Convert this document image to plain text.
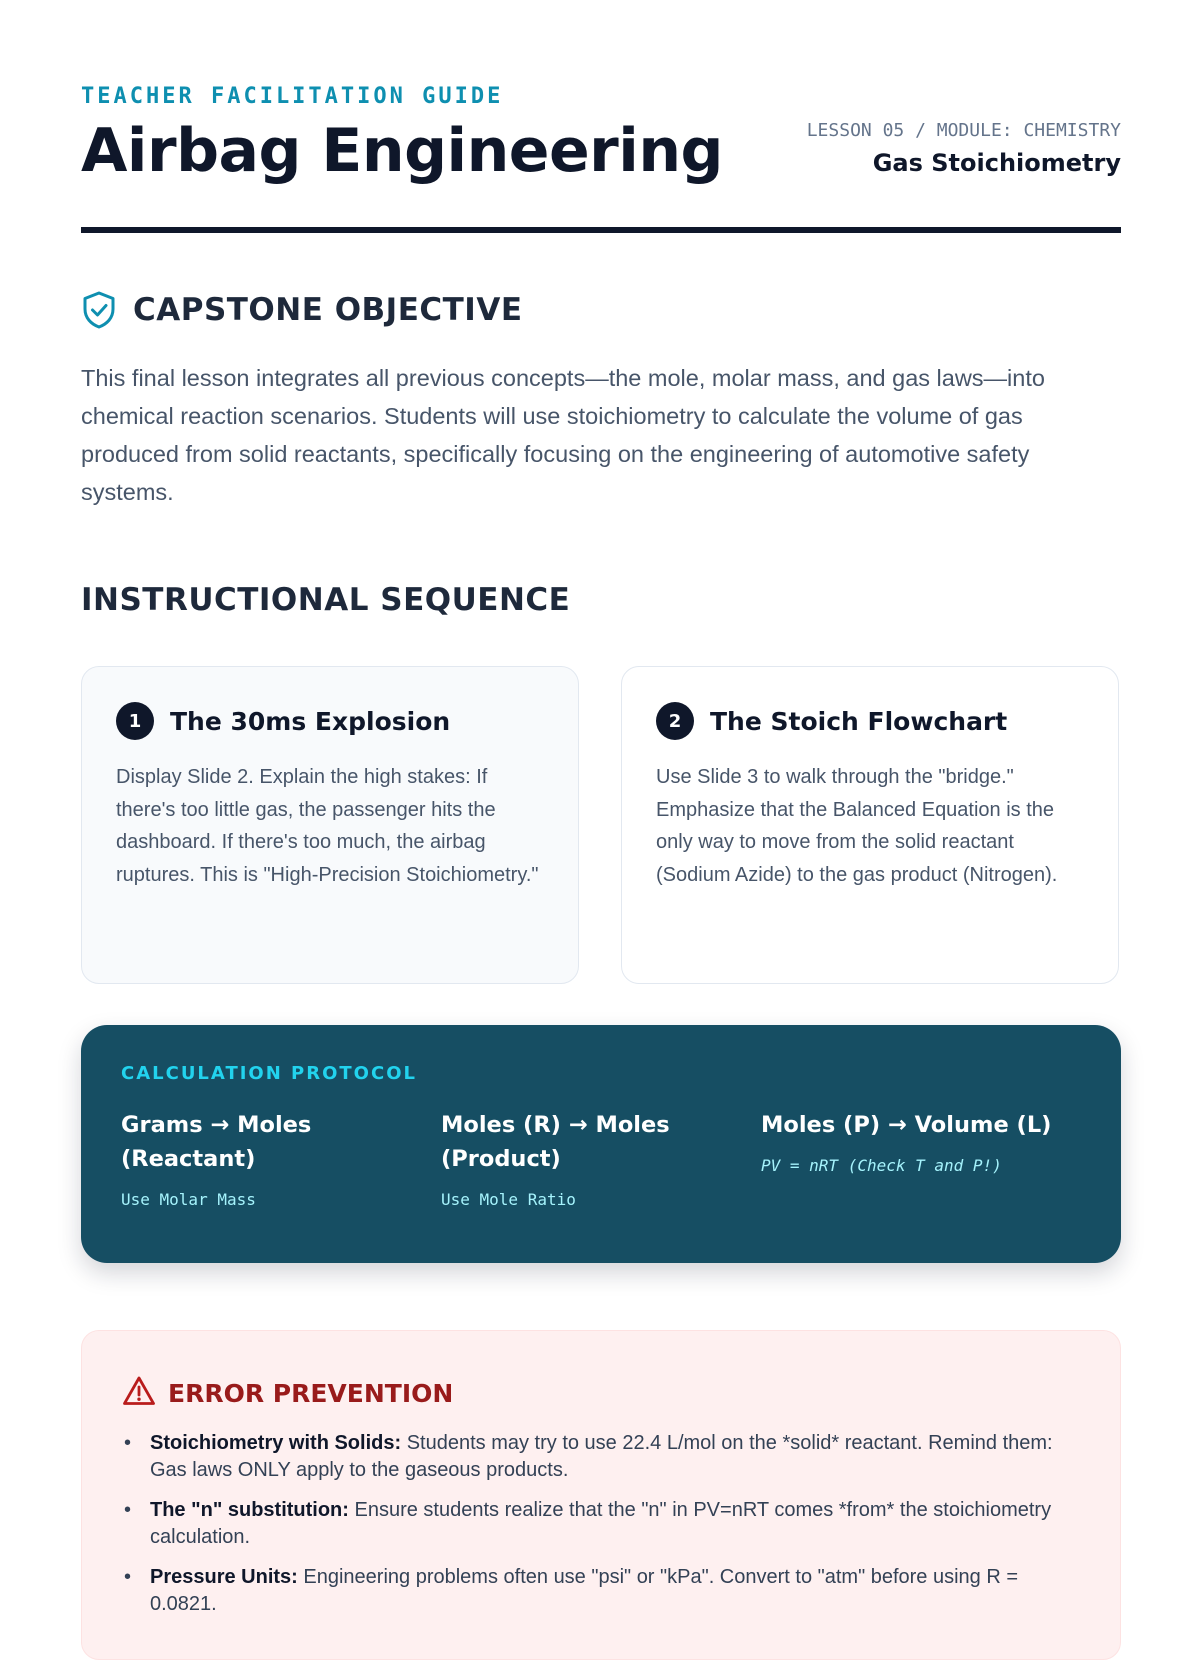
TEACHER FACILITATION GUIDE
Airbag Engineering	LESSON 05 / MODULE: CHEMISTRY
Gas Stoichiometry
CAPSTONE OBJECTIVE
This final lesson integrates all previous concepts—the mole, molar mass, and gas laws—into chemical reaction scenarios. Students will use stoichiometry to calculate the volume of gas produced from solid reactants, specifically focusing on the engineering of automotive safety systems.
INSTRUCTIONAL SEQUENCE
1	The 30ms Explosion
Display Slide 2. Explain the high stakes: If there's too little gas, the passenger hits the dashboard. If there's too much, the airbag ruptures. This is "High-Precision Stoichiometry."
2	The Stoich Flowchart
Use Slide 3 to walk through the "bridge." Emphasize that the Balanced Equation is the only way to move from the solid reactant (Sodium Azide) to the gas product (Nitrogen).
CALCULATION PROTOCOL
Grams → Moles (Reactant)
Use Molar Mass
Moles (R) → Moles (Product)
Use Mole Ratio
Moles (P) → Volume (L)
PV = nRT (Check T and P!)
ERROR PREVENTION
• Stoichiometry with Solids: Students may try to use 22.4 L/mol on the *solid* reactant. Remind them: Gas laws ONLY apply to the gaseous products.
• The "n" substitution: Ensure students realize that the "n" in PV=nRT comes *from* the stoichiometry calculation.
• Pressure Units: Engineering problems often use "psi" or "kPa". Convert to "atm" before using R = 0.0821.
